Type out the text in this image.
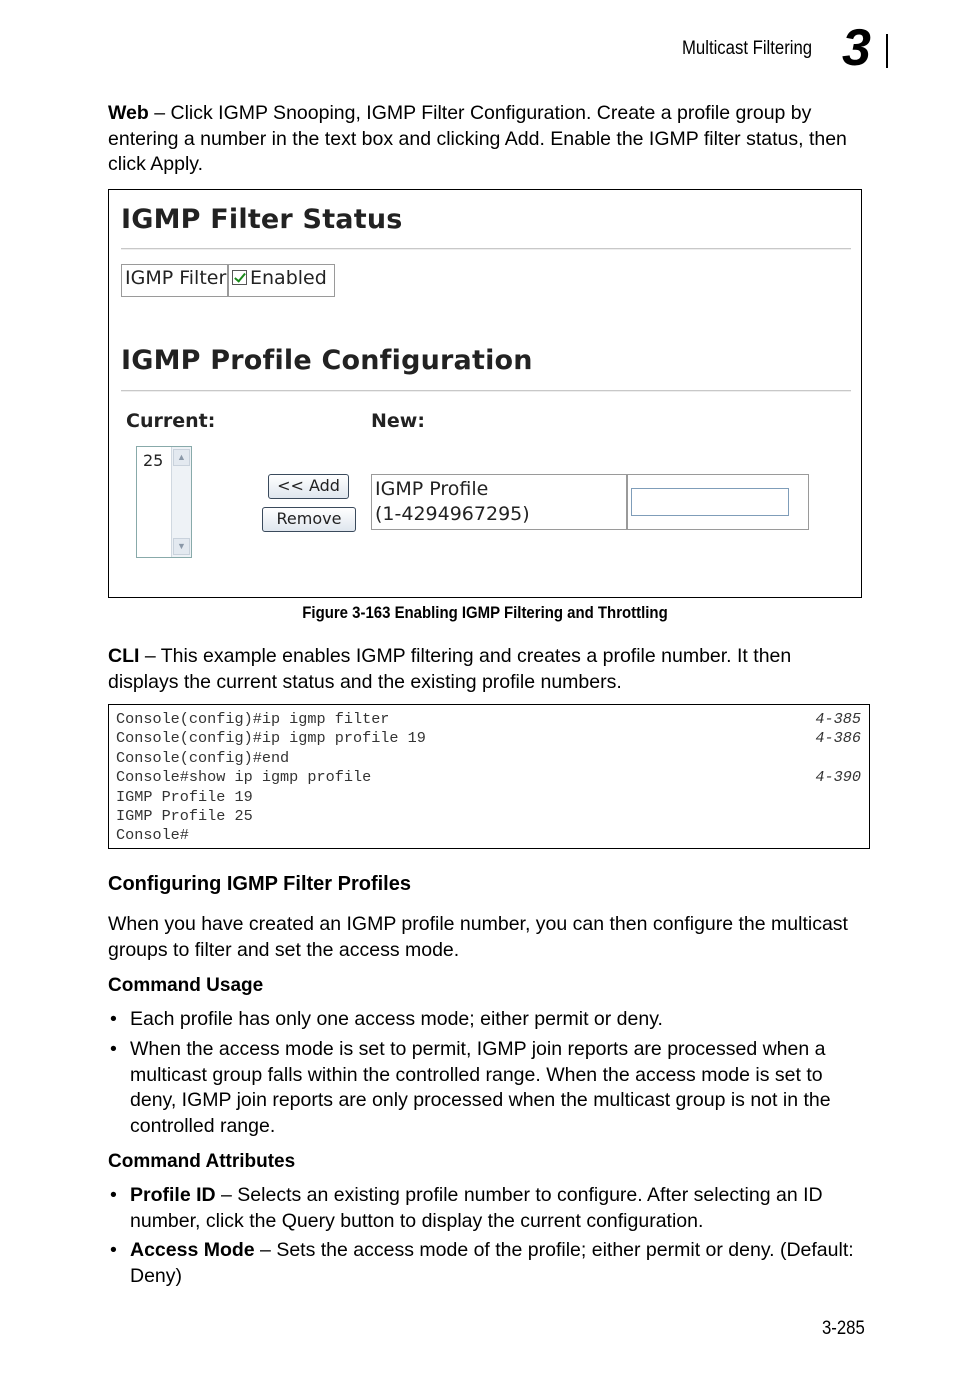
Multicast Filtering 3
Web – Click IGMP Snooping, IGMP Filter Configuration. Create a profile group by entering a number in the text box and clicking Add. Enable the IGMP filter status, then click Apply.
IGMP Filter Status
IGMP Filter	Enabled
IGMP Profile Configuration
Current:	New:
25	▲
▼
<< Add
Remove
IGMP Profile
(1-4294967295)
Figure 3-163 Enabling IGMP Filtering and Throttling
CLI – This example enables IGMP filtering and creates a profile number. It then displays the current status and the existing profile numbers.
Console(config)#ip igmp filter	4-385
Console(config)#ip igmp profile 19	4-386
Console(config)#end
Console#show ip igmp profile	4-390
IGMP Profile 19
IGMP Profile 25
Console#
Configuring IGMP Filter Profiles
When you have created an IGMP profile number, you can then configure the multicast groups to filter and set the access mode.
Command Usage
• Each profile has only one access mode; either permit or deny.
• When the access mode is set to permit, IGMP join reports are processed when a multicast group falls within the controlled range. When the access mode is set to deny, IGMP join reports are only processed when the multicast group is not in the controlled range.
Command Attributes
• Profile ID – Selects an existing profile number to configure. After selecting an ID number, click the Query button to display the current configuration.
• Access Mode – Sets the access mode of the profile; either permit or deny. (Default: Deny)
3-285
